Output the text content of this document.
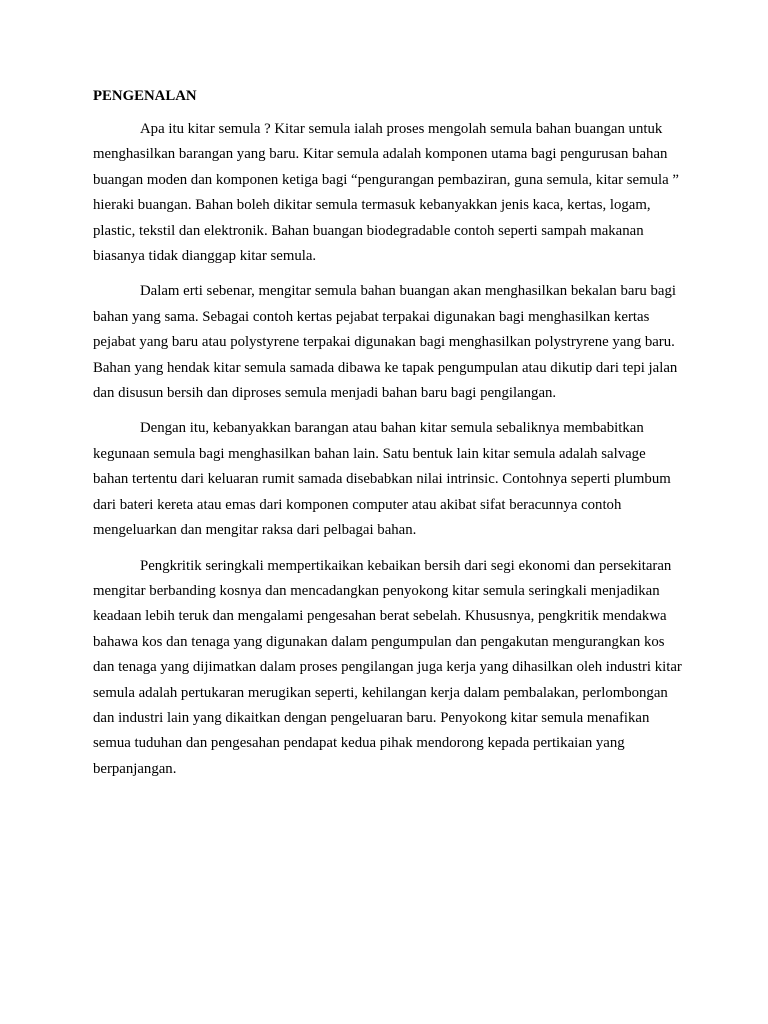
PENGENALAN

Apa itu kitar semula ? Kitar semula ialah proses mengolah semula bahan buangan untuk menghasilkan barangan yang baru. Kitar semula adalah komponen utama bagi pengurusan bahan buangan moden dan komponen ketiga bagi “pengurangan pembaziran, guna semula, kitar semula ” hieraki buangan. Bahan boleh dikitar semula termasuk kebanyakkan jenis kaca, kertas, logam, plastic, tekstil dan elektronik. Bahan buangan biodegradable contoh seperti sampah makanan biasanya tidak dianggap kitar semula.

Dalam erti sebenar, mengitar semula bahan buangan akan menghasilkan bekalan baru bagi bahan yang sama. Sebagai contoh kertas pejabat terpakai digunakan bagi menghasilkan kertas pejabat yang baru atau polystyrene terpakai digunakan bagi menghasilkan polystryrene yang baru. Bahan yang hendak kitar semula samada dibawa ke tapak pengumpulan atau dikutip dari tepi jalan dan disusun bersih dan diproses semula menjadi bahan baru bagi pengilangan.

Dengan itu, kebanyakkan barangan atau bahan kitar semula sebaliknya membabitkan kegunaan semula bagi menghasilkan bahan lain. Satu bentuk lain kitar semula adalah salvage bahan tertentu dari keluaran rumit samada disebabkan nilai intrinsic. Contohnya seperti plumbum dari bateri kereta atau emas dari komponen computer atau akibat sifat beracunnya contoh mengeluarkan dan mengitar raksa dari pelbagai bahan.

Pengkritik seringkali mempertikaikan kebaikan bersih dari segi ekonomi dan persekitaran mengitar berbanding kosnya dan mencadangkan penyokong kitar semula seringkali menjadikan keadaan lebih teruk dan mengalami pengesahan berat sebelah. Khususnya, pengkritik mendakwa bahawa kos dan tenaga yang digunakan dalam pengumpulan dan pengakutan mengurangkan kos dan tenaga yang dijimatkan dalam proses pengilangan juga kerja yang dihasilkan oleh industri kitar semula adalah pertukaran merugikan seperti, kehilangan kerja dalam pembalakan, perlombongan dan industri lain yang dikaitkan dengan pengeluaran baru. Penyokong kitar semula menafikan semua tuduhan dan pengesahan pendapat kedua pihak mendorong kepada pertikaian yang berpanjangan.
